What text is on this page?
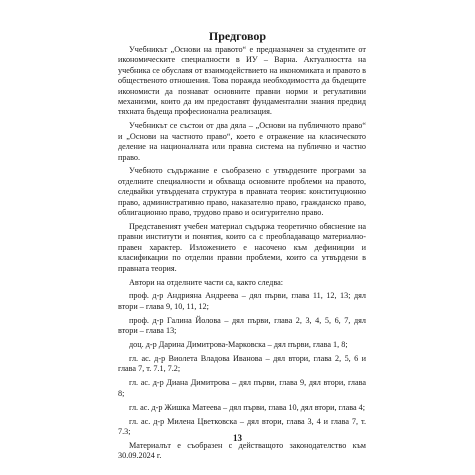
Предговор

Учебникът „Основи на правото“ е предназначен за студентите от икономическите специалности в ИУ – Варна. Актуалността на учебника се обуславя от взаимодействието на икономиката и правото в общественото отношения. Това поражда необходимостта да бъдещите икономисти да познават основните правни норми и регулативни механизми, които да им предоставят фундаментални знания предвид тяхната бъдеща професионална реализация.

Учебникът се състои от два дяла – „Основи на публичното право“ и „Основи на частното право“, което е отражение на класическото деление на националната или правна система на публично и частно право.

Учебното съдържание е съобразено с утвърдените програми за отделните специалности и обхваща основните проблеми на правото, следвайки утвърдената структура в правната теория: конституционно право, административно право, наказателно право, гражданско право, облигационно право, трудово право и осигурително право.

Представеният учебен материал съдържа теоретично обяснение на правни институти и понятия, които са с преобладаващо материално-правен характер. Изложението е насочено към дефиниции и класификации по отделни правни проблеми, които са утвърдени в правната теория.

Автори на отделните части са, както следва:

проф. д-р Андрияна Андреева – дял първи, глава 11, 12, 13; дял втори – глава 9, 10, 11, 12;

проф. д-р Галина Йолова – дял първи, глава 2, 3, 4, 5, 6, 7, дял втори – глава 13;

доц. д-р Дарина Димитрова-Марковска – дял първи, глава 1, 8;

гл. ас. д-р Виолета Владова Иванова – дял втори, глава 2, 5, 6 и глава 7, т. 7.1, 7.2;

гл. ас. д-р Диана Димитрова – дял първи, глава 9, дял втори, глава 8;

гл. ас. д-р Жишка Матеева – дял първи, глава 10, дял втори, глава 4;

гл. ас. д-р Милена Цветковска – дял втори, глава 3, 4 и глава 7, т. 7.3;

Материалът е съобразен с действащото законодателство към 30.09.2024 г.

13
